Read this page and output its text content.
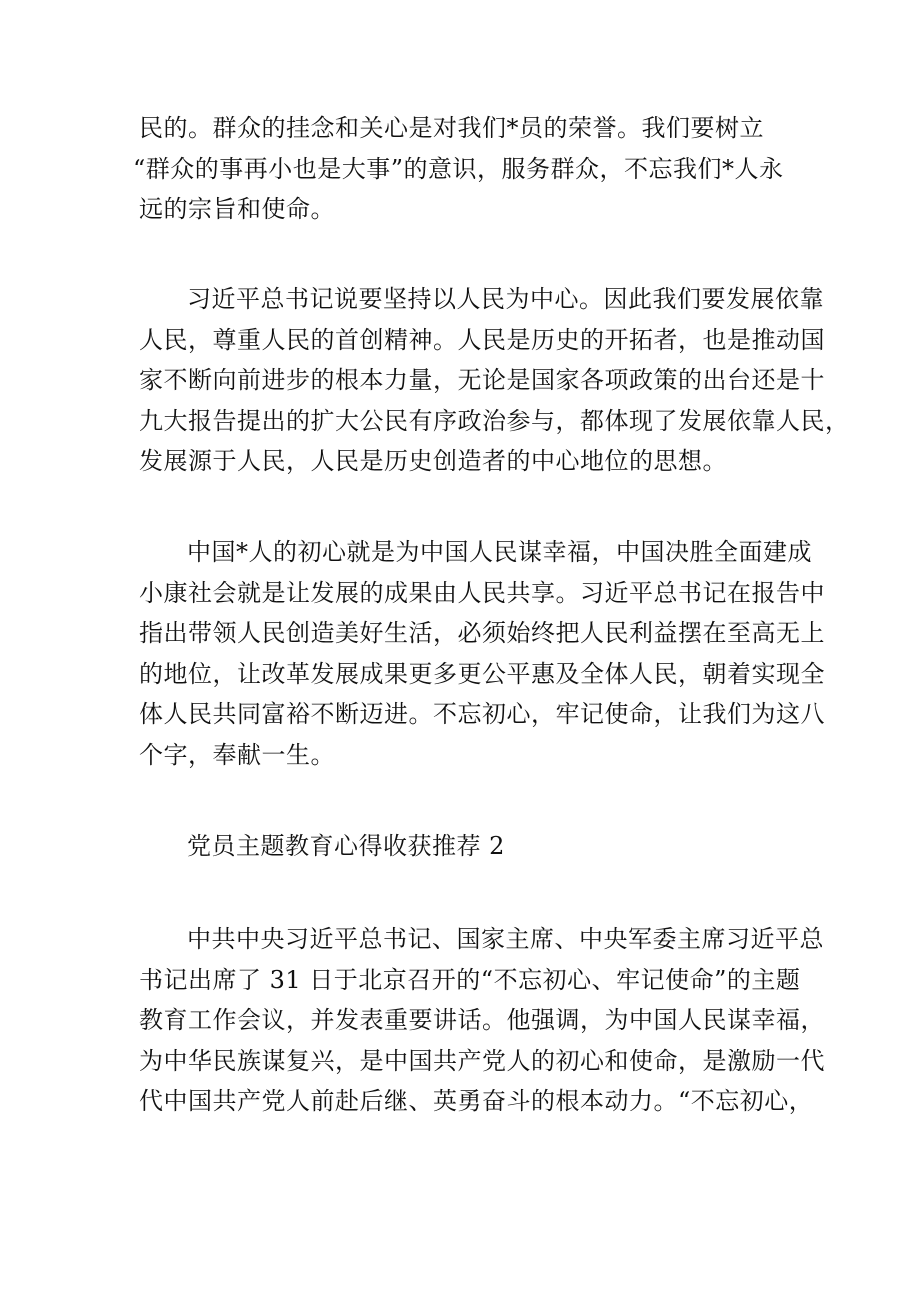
民的。群众的挂念和关心是对我们*员的荣誉。我们要树立
“群众的事再小也是大事”的意识，服务群众，不忘我们*人永
远的宗旨和使命。
习近平总书记说要坚持以人民为中心。因此我们要发展依靠
人民，尊重人民的首创精神。人民是历史的开拓者，也是推动国
家不断向前进步的根本力量，无论是国家各项政策的出台还是十
九大报告提出的扩大公民有序政治参与，都体现了发展依靠人民，
发展源于人民，人民是历史创造者的中心地位的思想。
中国*人的初心就是为中国人民谋幸福，中国决胜全面建成
小康社会就是让发展的成果由人民共享。习近平总书记在报告中
指出带领人民创造美好生活，必须始终把人民利益摆在至高无上
的地位，让改革发展成果更多更公平惠及全体人民，朝着实现全
体人民共同富裕不断迈进。不忘初心，牢记使命，让我们为这八
个字，奉献一生。
党员主题教育心得收获推荐 2
中共中央习近平总书记、国家主席、中央军委主席习近平总
书记出席了 31 日于北京召开的“不忘初心、牢记使命”的主题
教育工作会议，并发表重要讲话。他强调，为中国人民谋幸福，
为中华民族谋复兴，是中国共产党人的初心和使命，是激励一代
代中国共产党人前赴后继、英勇奋斗的根本动力。“不忘初心，
